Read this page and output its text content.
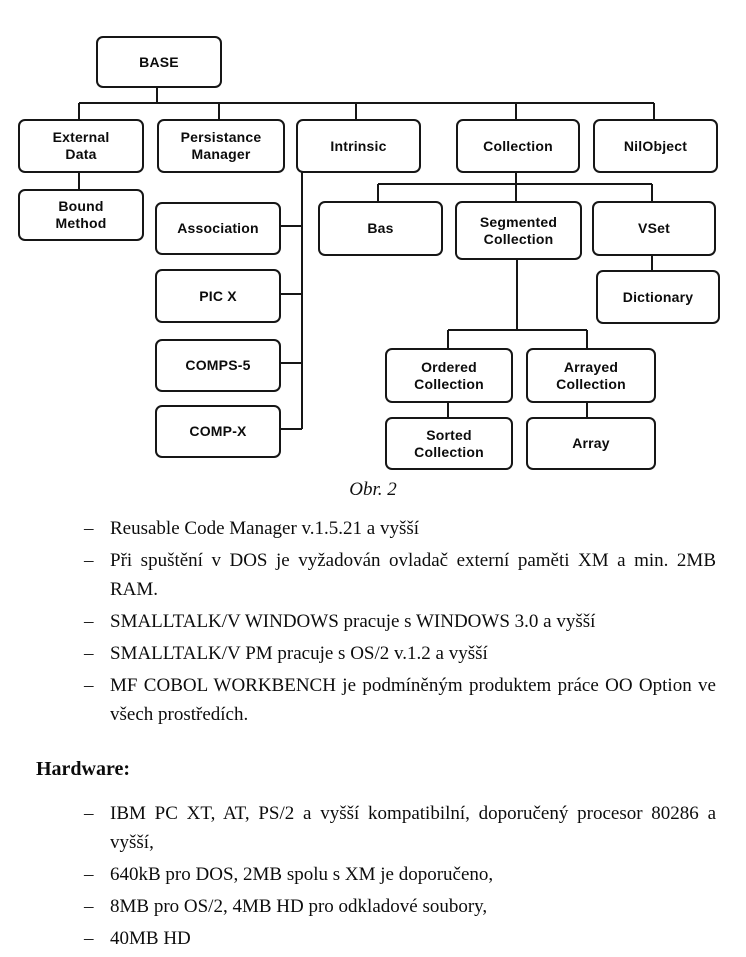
BASE
External Data
Persistance Manager
Intrinsic	Collection	NilObject
Bound Method	Association
PIC X
COMPS-5
COMP-X
Bas	Segmented Collection
VSet
Dictionary
Ordered Collection
Arrayed Collection
Sorted Collection
Array
Obr. 2
– Reusable Code Manager v.1.5.21 a vyšší
– Při spuštění v DOS je vyžadován ovladač externí paměti XM a min. 2MB RAM.
– SMALLTALK/V WINDOWS pracuje s WINDOWS 3.0 a vyšší
– SMALLTALK/V PM pracuje s OS/2 v.1.2 a vyšší
– MF COBOL WORKBENCH je podmíněným produktem práce OO Option ve všech prostředích.
Hardware:
– IBM PC XT, AT, PS/2 a vyšší kompatibilní, doporučený procesor 80286 a vyšší,
– 640kB pro DOS, 2MB spolu s XM je doporučeno,
– 8MB pro OS/2, 4MB HD pro odkladové soubory,
– 40MB HD
